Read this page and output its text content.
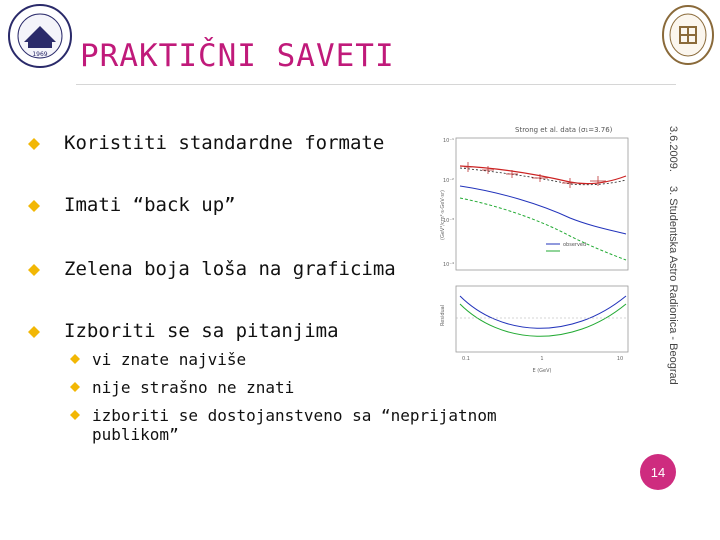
1969 PRAKTIČNI SAVETI
Koristiti standardne formate
Imati “back up”
Zelena boja loša na graficima
Izboriti se sa pitanjima
vi znate najviše
nije strašno ne znati
izboriti se dostojanstveno sa “neprijatnom
publikom”
Strong et al. data (σ₁=3.76)
10⁻¹
10⁻²
10⁻³
10⁻⁴
(GeV²/cm²·s·GeV·sr)
observed
Residual
0.1	1	10
E (GeV)
3.6.2009.
3. Studentska Astro Radionica - Beograd
14
